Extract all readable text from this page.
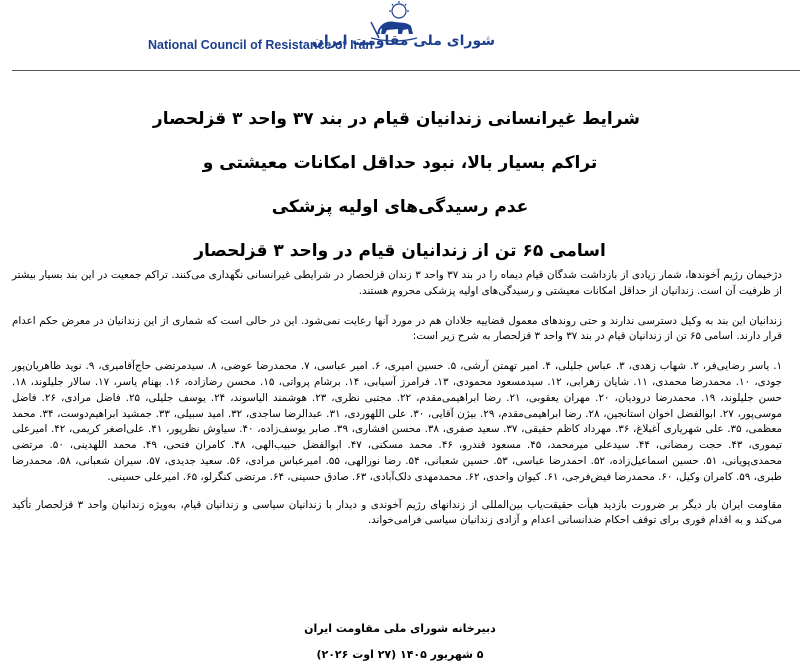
National Council of Resistance of Iran
شورای ملی مقاومت ایران
شرایط غیرانسانی زندانیان قیام در بند ۳۷ واحد ۳ قزلحصار
تراکم بسیار بالا، نبود حداقل امکانات معیشتی و
عدم رسیدگی‌های اولیه پزشکی
اسامی ۶۵ تن از زندانیان قیام در واحد ۳ قزلحصار

دژخیمان رژیم آخوندها، شمار زیادی از بازداشت شدگان قیام دیماه را در بند ۳۷ واحد ۳ زندان قزلحصار در شرایطی غیرانسانی نگهداری می‌کنند. تراکم جمعیت در این بند بسیار بیشتر از ظرفیت آن است. زندانیان از حداقل امکانات معیشتی و رسیدگی‌های اولیه پزشکی محروم هستند.

زندانیان این بند به وکیل دسترسی ندارند و حتی روندهای معمول قضاییه جلادان هم در مورد آنها رعایت نمی‌شود. این در حالی است که شماری از این زندانیان در معرض حکم اعدام قرار دارند. اسامی ۶۵ تن از زندانیان قیام در بند ۳۷ واحد ۳ قزلحصار به شرح زیر است:

۱. یاسر رضایی‌فر، ۲. شهاب زهدی، ۳. عباس جلیلی، ۴. امیر تهمتن آرشی، ۵. حسین امیری، ۶. امیر عباسی، ۷. محمدرضا عوضی، ۸. سیدمرتضی حاج‌آقامیری، ۹. نوید طاهریان‌پور جودی، ۱۰. محمدرضا محمدی، ۱۱. شایان زهرابی، ۱۲. سیدمسعود محمودی، ۱۳. فرامرز آسیابی، ۱۴. برشام پرواتی، ۱۵. محسن رضازاده، ۱۶. بهنام یاسر، ۱۷. سالار جلیلوند، ۱۸. حسن جلیلوند، ۱۹. محمدرضا درودیان، ۲۰. مهران یعقوبی، ۲۱. رضا ابراهیمی‌مقدم، ۲۲. مجتبی نظری، ۲۳. هوشمند الیاسوند، ۲۴. یوسف جلیلی، ۲۵. فاضل مرادی، ۲۶. فاضل موسی‌پور، ۲۷. ابوالفضل اخوان استانجین، ۲۸. رضا ابراهیمی‌مقدم، ۲۹. بیژن آقایی، ۳۰. علی اللهوردی، ۳۱. عبدالرضا ساجدی، ۳۲. امید سبیلی، ۳۳. جمشید ابراهیم‌دوست، ۳۴. محمد معظمی، ۳۵. علی شهریاری آغبلاغ، ۳۶. مهرداد کاظم حقیقی، ۳۷. سعید صفری، ۳۸. محسن افشاری، ۳۹. صابر یوسف‌زاده، ۴۰. سیاوش نظرپور، ۴۱. علی‌اصغر کریمی، ۴۲. امیرعلی تیموری، ۴۳. حجت رمضانی، ۴۴. سیدعلی میرمحمد، ۴۵. مسعود قندرو، ۴۶. محمد مسکنی، ۴۷. ابوالفضل حبیب‌الهی، ۴۸. کامران فتحی، ۴۹. محمد اللهدینی، ۵۰. مرتضی محمدی‌پویانی، ۵۱. حسین اسماعیل‌زاده، ۵۲. احمدرضا عباسی، ۵۳. حسین شعبانی، ۵۴. رضا نورالهی، ۵۵. امیرعباس مرادی، ۵۶. سعید جدیدی، ۵۷. سیران شعبانی، ۵۸. محمدرضا طبری، ۵۹. کامران وکیل، ۶۰. محمدرضا فیض‌فرجی، ۶۱. کیوان واحدی، ۶۲. محمدمهدی دلک‌آبادی، ۶۳. صادق حسینی، ۶۴. مرتضی کنگرلو، ۶۵. امیرعلی حسینی.

مقاومت ایران بار دیگر بر ضرورت بازدید هیأت حقیقت‌یاب بین‌المللی از زندانهای رژیم آخوندی و دیدار با زندانیان سیاسی و زندانیان قیام، به‌ویژه زندانیان واحد ۳ قزلحصار تأکید می‌کند و به اقدام فوری برای توقف احکام ضدانسانی اعدام و آزادی زندانیان سیاسی فرامی‌خواند.

دبیرخانه شورای ملی مقاومت ایران
۵ شهریور ۱۴۰۵ (۲۷ اوت ۲۰۲۶)
